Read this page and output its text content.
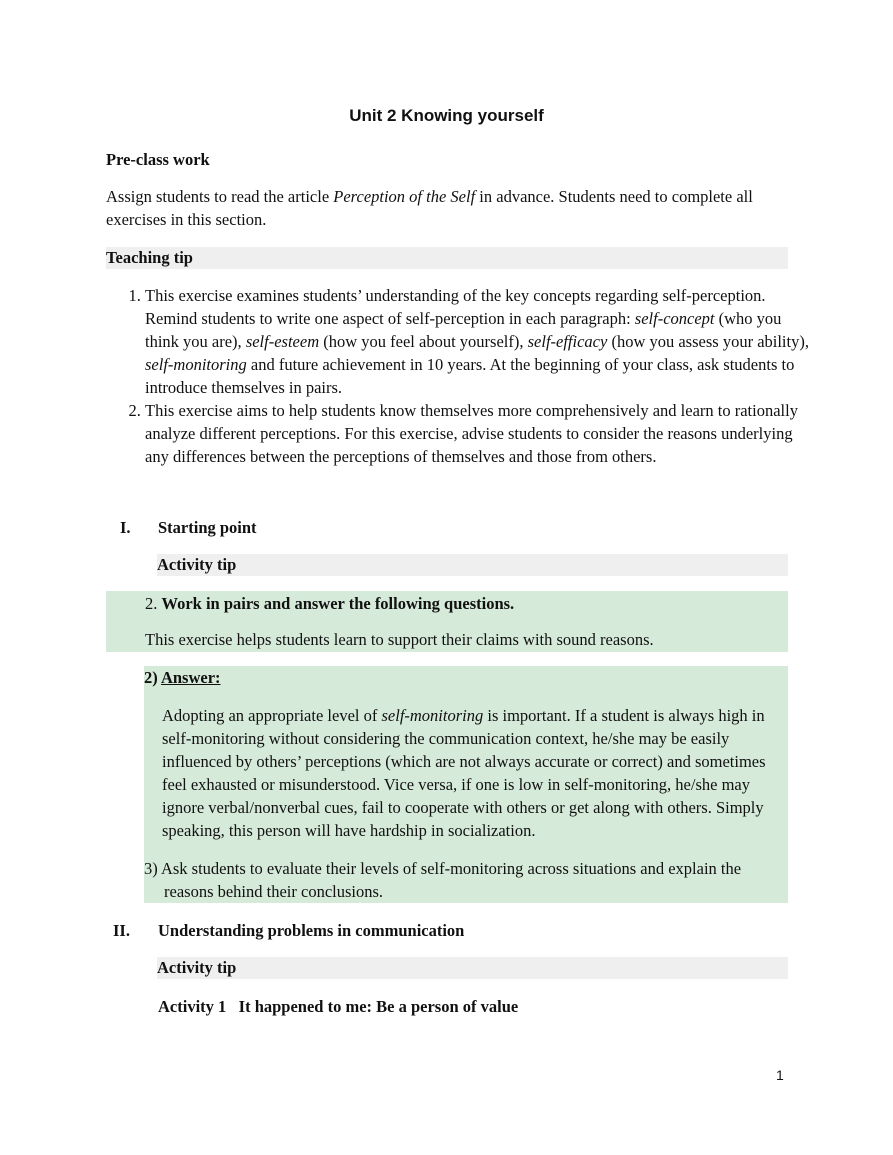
Unit 2 Knowing yourself
Pre-class work
Assign students to read the article Perception of the Self in advance. Students need to complete all exercises in this section.
Teaching tip
1. This exercise examines students’ understanding of the key concepts regarding self-perception. Remind students to write one aspect of self-perception in each paragraph: self-concept (who you think you are), self-esteem (how you feel about yourself), self-efficacy (how you assess your ability), self-monitoring and future achievement in 10 years. At the beginning of your class, ask students to introduce themselves in pairs.
2. This exercise aims to help students know themselves more comprehensively and learn to rationally analyze different perceptions. For this exercise, advise students to consider the reasons underlying any differences between the perceptions of themselves and those from others.
I. Starting point
Activity tip
2. Work in pairs and answer the following questions.
This exercise helps students learn to support their claims with sound reasons.
2) Answer:
Adopting an appropriate level of self-monitoring is important. If a student is always high in self-monitoring without considering the communication context, he/she may be easily influenced by others’ perceptions (which are not always accurate or correct) and sometimes feel exhausted or misunderstood. Vice versa, if one is low in self-monitoring, he/she may ignore verbal/nonverbal cues, fail to cooperate with others or get along with others. Simply speaking, this person will have hardship in socialization.
3) Ask students to evaluate their levels of self-monitoring across situations and explain the
reasons behind their conclusions.
II. Understanding problems in communication
Activity tip
Activity 1   It happened to me: Be a person of value
1
